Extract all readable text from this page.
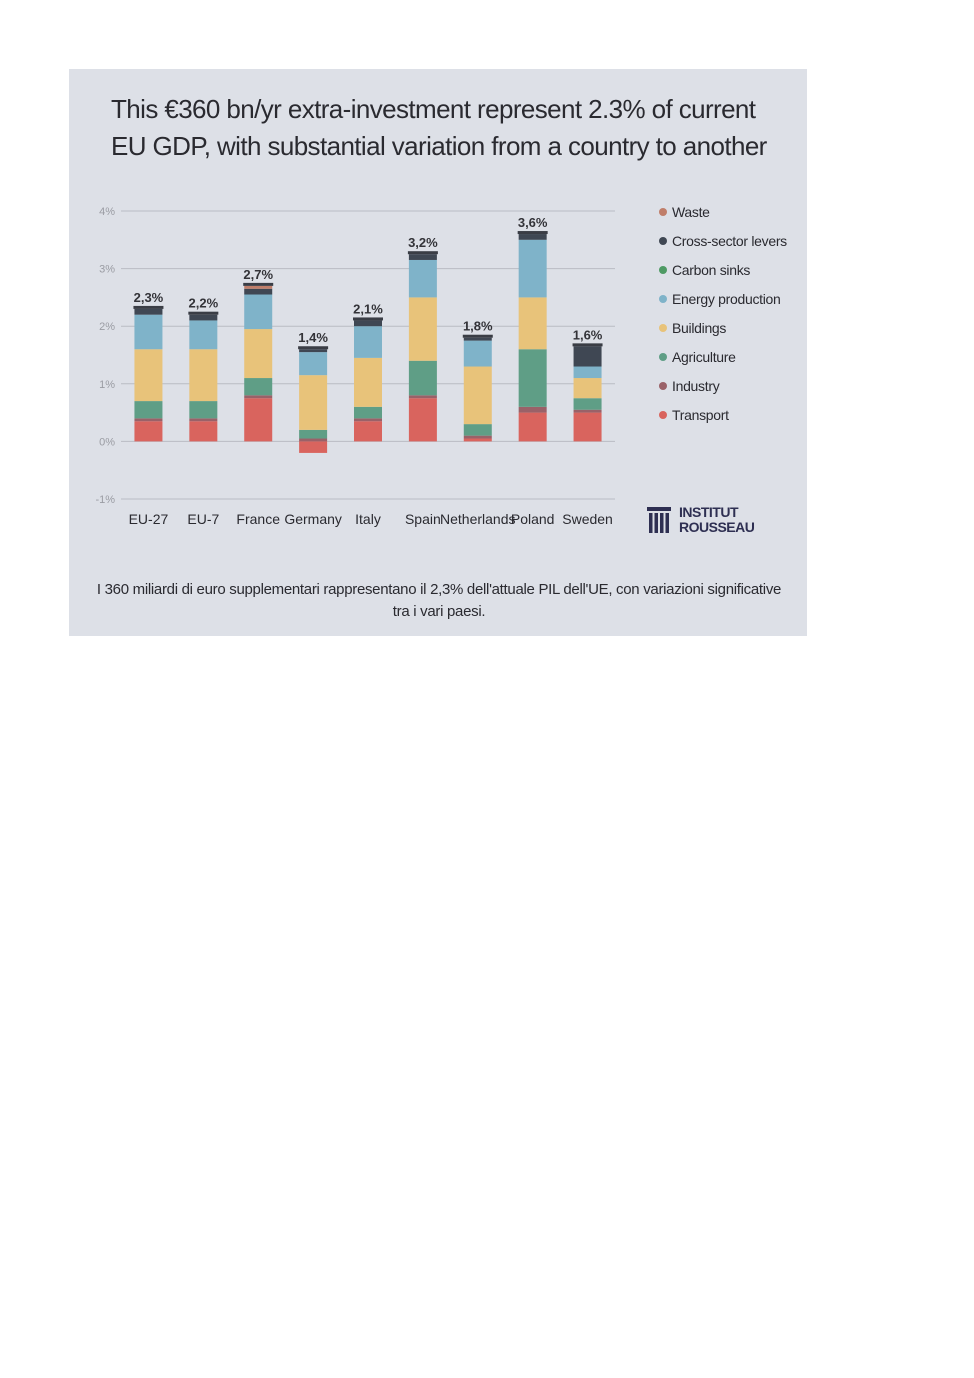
This €360 bn/yr extra-investment represent 2.3% of current EU GDP, with substantial variation from a country to another
4%
3%
2%
1%
0%
-1%
2,3%
EU-27
2,2%
EU-7
2,7%
France
1,4%
Germany
2,1%
Italy
3,2%
Spain
1,8%
Netherlands
3,6%
Poland
1,6%
Sweden
Waste
Cross-sector levers
Carbon sinks
Energy production
Buildings
Agriculture
Industry
Transport
INSTITUT
ROUSSEAU

I 360 miliardi di euro supplementari rappresentano il 2,3% dell'attuale PIL dell'UE, con variazioni significative tra i vari paesi.
